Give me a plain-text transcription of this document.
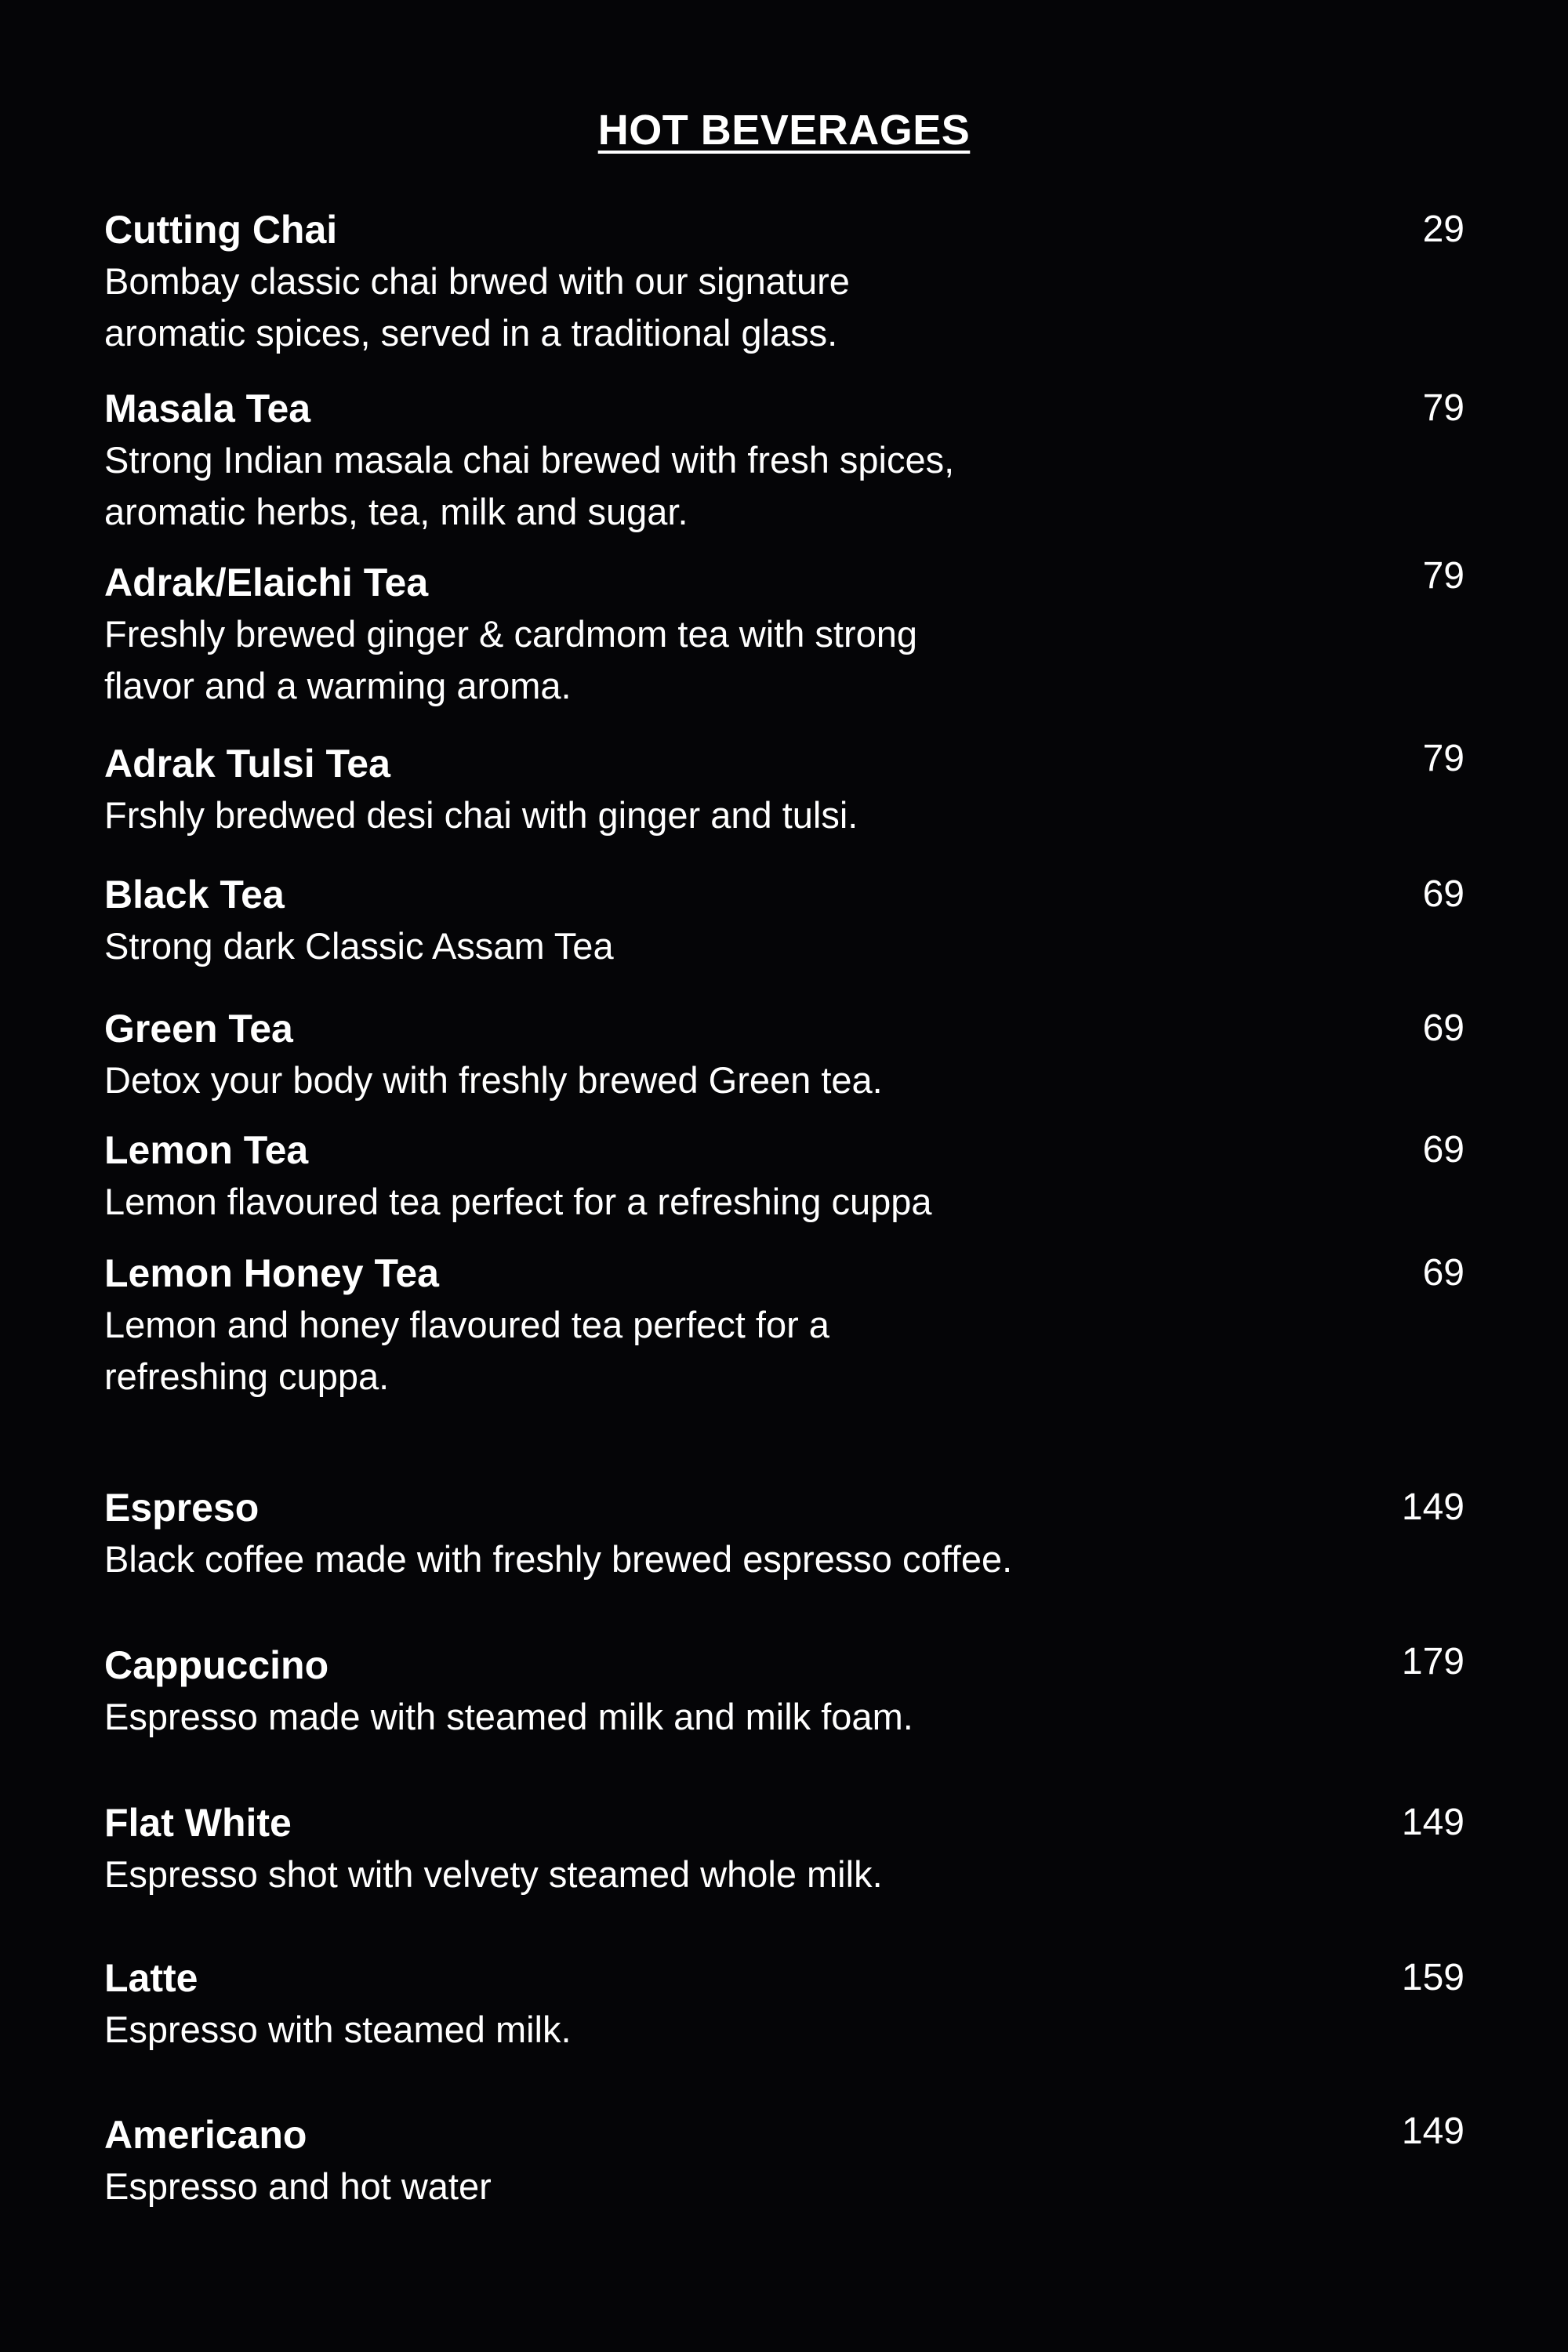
HOT BEVERAGES
Cutting Chai
Bombay classic chai brwed with our signature
aromatic spices, served in a traditional glass.
29
Masala Tea
Strong Indian masala chai brewed with fresh spices,
aromatic herbs, tea, milk and sugar.
79
Adrak/Elaichi Tea
Freshly brewed ginger & cardmom tea with strong
flavor and a warming aroma.
79
Adrak Tulsi Tea
Frshly bredwed desi chai with ginger and tulsi.
79
Black Tea
Strong dark Classic Assam Tea
69
Green Tea
Detox your body with freshly brewed Green tea.
69
Lemon Tea
Lemon flavoured tea perfect for a refreshing cuppa
69
Lemon Honey Tea
Lemon and honey flavoured tea perfect for a
refreshing cuppa.
69
Espreso
Black coffee made with freshly brewed espresso coffee.
149
Cappuccino
Espresso made with steamed milk and milk foam.
179
Flat White
Espresso shot with velvety steamed whole milk.
149
Latte
Espresso with steamed milk.
159
Americano
Espresso and hot water
149
